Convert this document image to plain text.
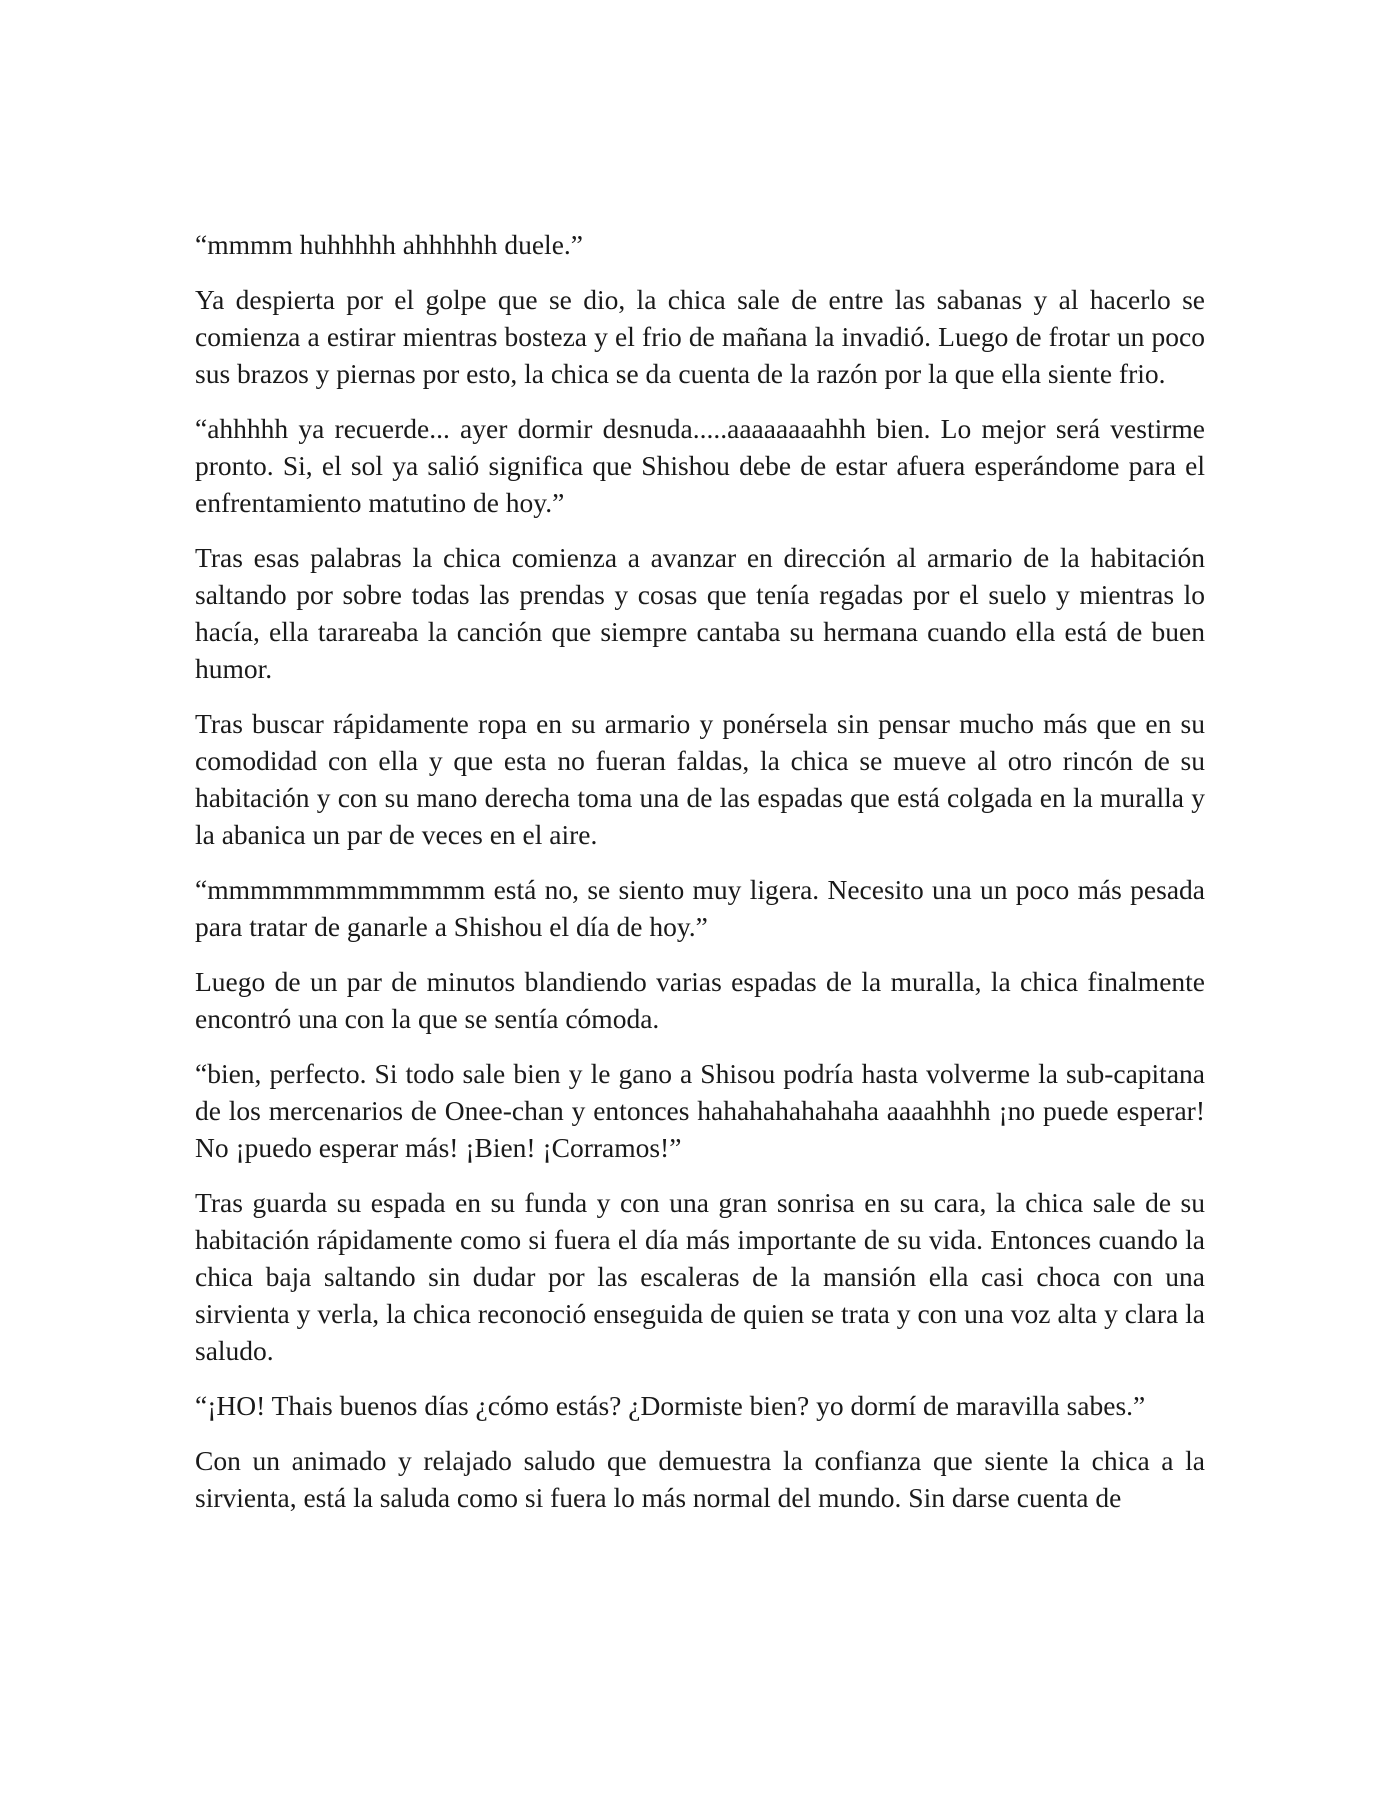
“mmmm huhhhhh ahhhhhh duele.”

Ya despierta por el golpe que se dio, la chica sale de entre las sabanas y al hacerlo se comienza a estirar mientras bosteza y el frio de mañana la invadió. Luego de frotar un poco sus brazos y piernas por esto, la chica se da cuenta de la razón por la que ella siente frio.

“ahhhhh ya recuerde... ayer dormir desnuda.....aaaaaaaahhh bien. Lo mejor será vestirme pronto. Si, el sol ya salió significa que Shishou debe de estar afuera esperándome para el enfrentamiento matutino de hoy.”

Tras esas palabras la chica comienza a avanzar en dirección al armario de la habitación saltando por sobre todas las prendas y cosas que tenía regadas por el suelo y mientras lo hacía, ella tarareaba la canción que siempre cantaba su hermana cuando ella está de buen humor.

Tras buscar rápidamente ropa en su armario y ponérsela sin pensar mucho más que en su comodidad con ella y que esta no fueran faldas, la chica se mueve al otro rincón de su habitación y con su mano derecha toma una de las espadas que está colgada en la muralla y la abanica un par de veces en el aire.

“mmmmmmmmmmmmm está no, se siento muy ligera. Necesito una un poco más pesada para tratar de ganarle a Shishou el día de hoy.”

Luego de un par de minutos blandiendo varias espadas de la muralla, la chica finalmente encontró una con la que se sentía cómoda.

“bien, perfecto. Si todo sale bien y le gano a Shisou podría hasta volverme la sub-capitana de los mercenarios de Onee-chan y entonces hahahahahahaha aaaahhhh ¡no puede esperar! No ¡puedo esperar más! ¡Bien! ¡Corramos!”

Tras guarda su espada en su funda y con una gran sonrisa en su cara, la chica sale de su habitación rápidamente como si fuera el día más importante de su vida. Entonces cuando la chica baja saltando sin dudar por las escaleras de la mansión ella casi choca con una sirvienta y verla, la chica reconoció enseguida de quien se trata y con una voz alta y clara la saludo.

“¡HO! Thais buenos días ¿cómo estás? ¿Dormiste bien? yo dormí de maravilla sabes.”

Con un animado y relajado saludo que demuestra la confianza que siente la chica a la sirvienta, está la saluda como si fuera lo más normal del mundo. Sin darse cuenta de
